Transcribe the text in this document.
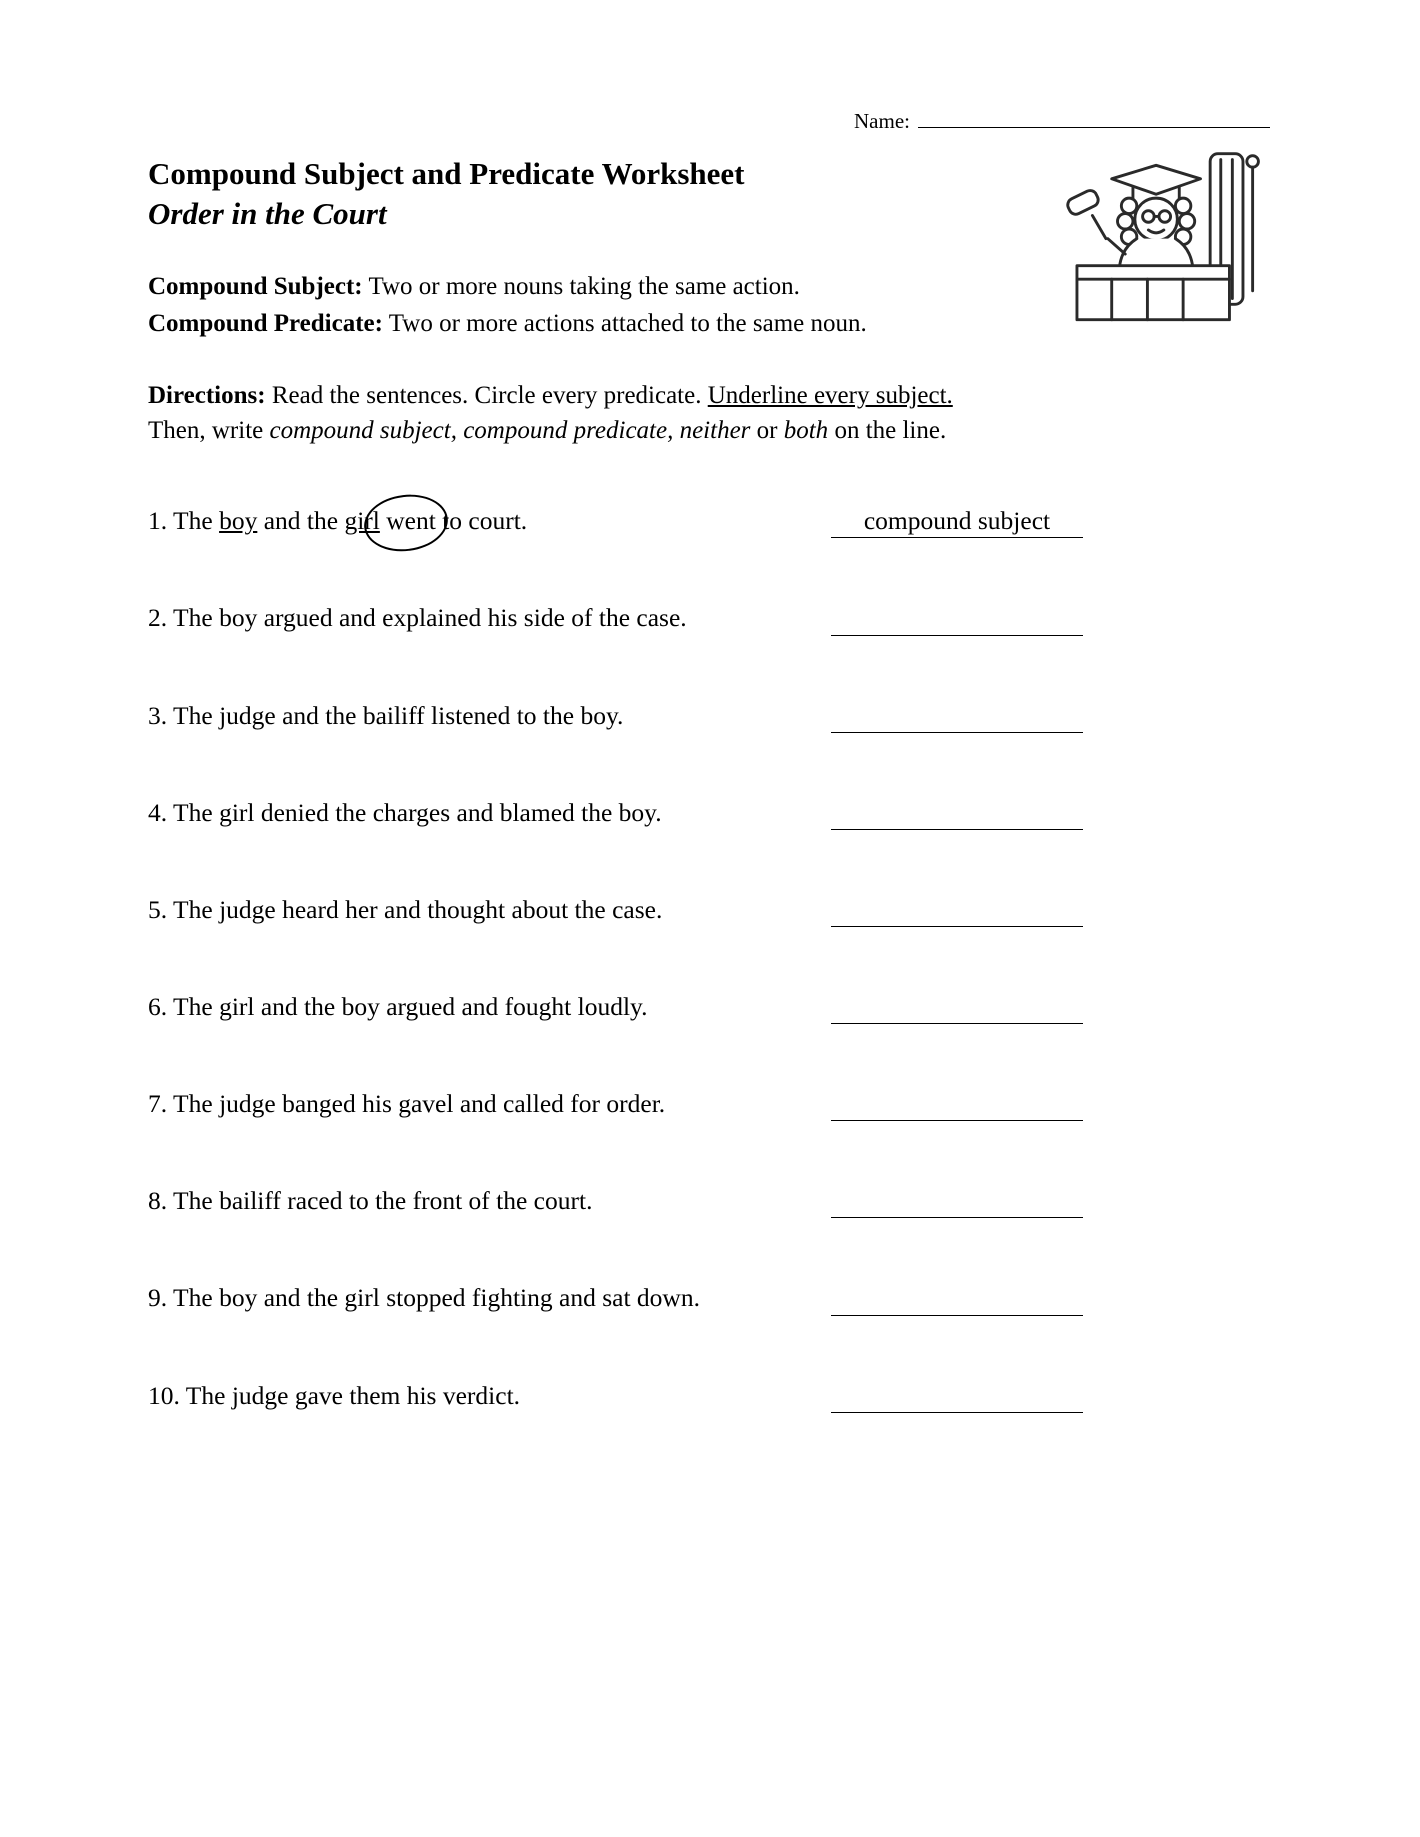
Name:
Compound Subject and Predicate Worksheet
Order in the Court

Compound Subject: Two or more nouns taking the same action.

Compound Predicate: Two or more actions attached to the same noun.

Directions: Read the sentences. Circle every predicate. Underline every subject.
Then, write compound subject, compound predicate, neither or both on the line.

1. The boy and the girl went to court.	compound subject
2. The boy argued and explained his side of the case.

3. The judge and the bailiff listened to the boy.

4. The girl denied the charges and blamed the boy.

5. The judge heard her and thought about the case.

6. The girl and the boy argued and fought loudly.

7. The judge banged his gavel and called for order.

8. The bailiff raced to the front of the court.

9. The boy and the girl stopped fighting and sat down.

10. The judge gave them his verdict.
